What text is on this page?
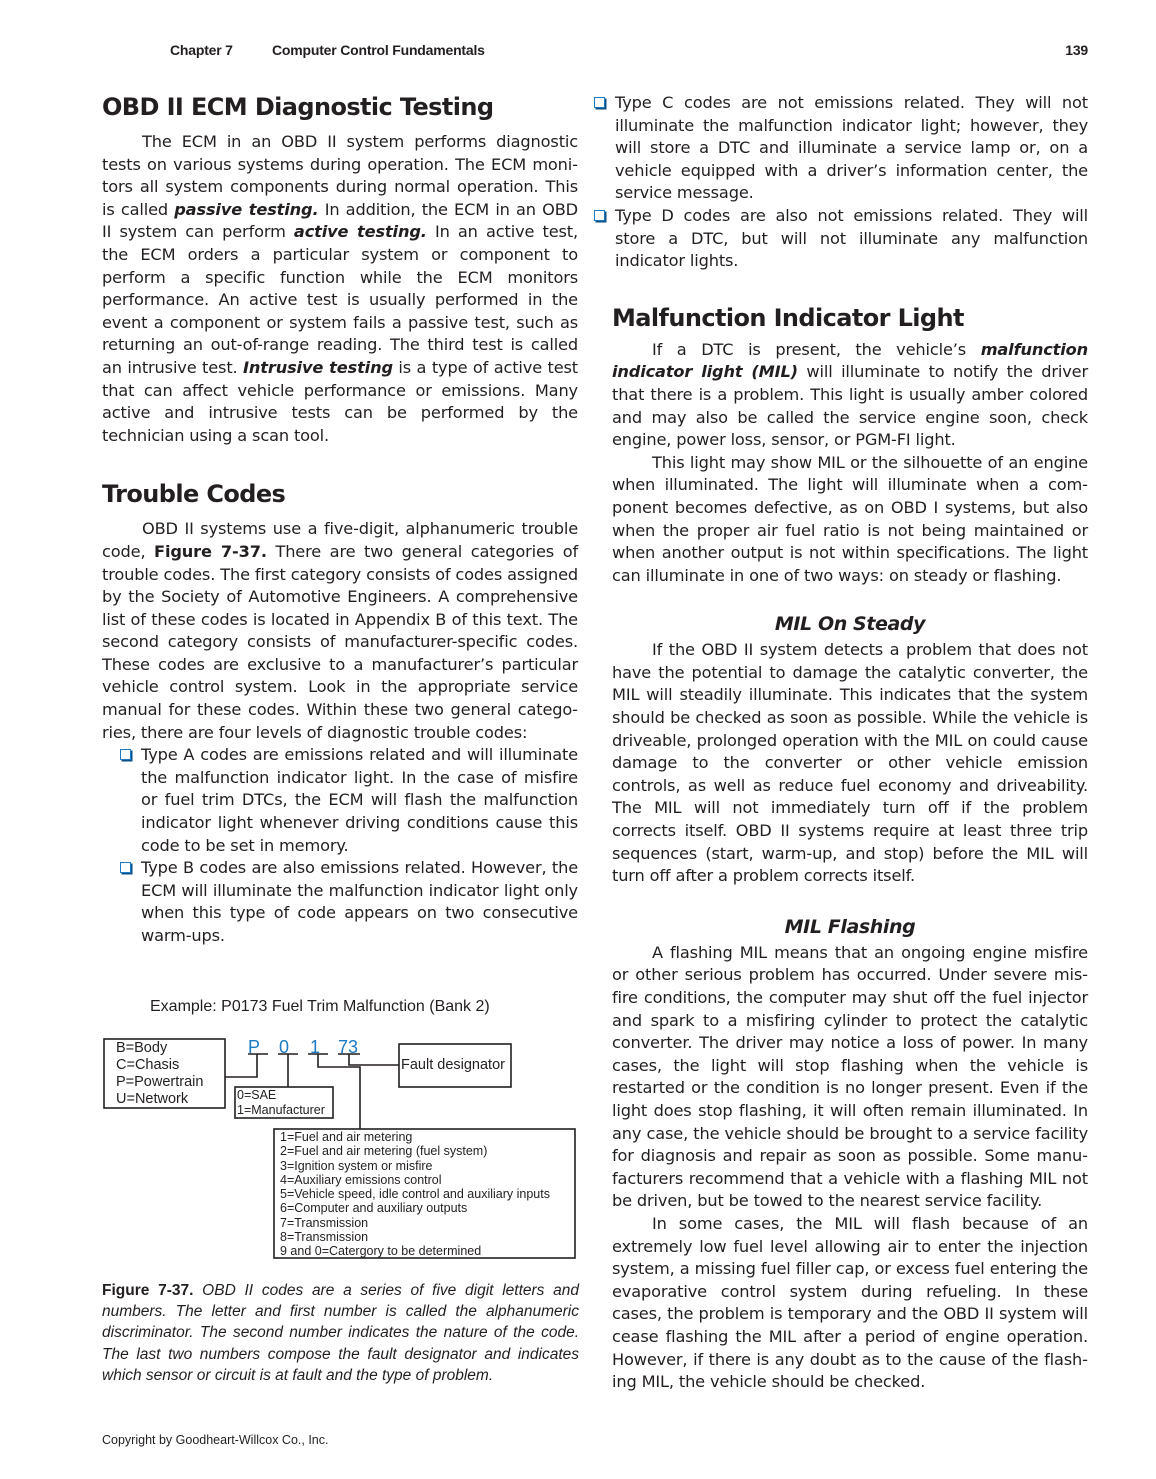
Chapter 7	Computer Control Fundamentals	139
OBD II ECM Diagnostic Testing

The ECM in an OBD II system performs diagnostic tests on various systems during operation. The ECM monitors all system components during normal operation. This is called passive testing. In addition, the ECM in an OBD II system can perform active testing. In an active test, the ECM orders a particular system or component to perform a specific function while the ECM monitors performance. An active test is usually performed in the event a component or system fails a passive test, such as returning an out-of-range reading. The third test is called an intrusive test. Intrusive testing is a type of active test that can affect vehicle performance or emissions. Many active and intrusive tests can be performed by the technician using a scan tool.

Trouble Codes

OBD II systems use a five-digit, alphanumeric trouble code, Figure 7-37. There are two general categories of trouble codes. The first category consists of codes assigned by the Society of Automotive Engineers. A comprehensive list of these codes is located in Appendix B of this text. The second category consists of manufacturer-specific codes. These codes are exclusive to a manufacturer’s particular vehicle control system. Look in the appropriate service manual for these codes. Within these two general categories, there are four levels of diagnostic trouble codes:

Type A codes are emissions related and will illuminate the malfunction indicator light. In the case of misfire or fuel trim DTCs, the ECM will flash the malfunction indicator light whenever driving conditions cause this code to be set in memory.
Type B codes are also emissions related. However, the ECM will illuminate the malfunction indicator light only when this type of code appears on two consecutive warm-ups.
Example: P0173 Fuel Trim Malfunction (Bank 2)
P 0 1 73
B=Body
C=Chasis
P=Powertrain
U=Network
Fault designator
0=SAE
1=Manufacturer
1=Fuel and air metering
2=Fuel and air metering (fuel system)
3=Ignition system or misfire
4=Auxiliary emissions control
5=Vehicle speed, idle control and auxiliary inputs
6=Computer and auxiliary outputs
7=Transmission
8=Transmission
9 and 0=Catergory to be determined
Figure 7-37. OBD II codes are a series of five digit letters and numbers. The letter and first number is called the alphanumeric discriminator. The second number indicates the nature of the code. The last two numbers compose the fault designator and indicates which sensor or circuit is at fault and the type of problem.
Type C codes are not emissions related. They will not illuminate the malfunction indicator light; however, they will store a DTC and illuminate a service lamp or, on a vehicle equipped with a driver’s information center, the service message.
Type D codes are also not emissions related. They will store a DTC, but will not illuminate any malfunction indicator lights.
Malfunction Indicator Light

If a DTC is present, the vehicle’s malfunction indicator light (MIL) will illuminate to notify the driver that there is a problem. This light is usually amber colored and may also be called the service engine soon, check engine, power loss, sensor, or PGM-FI light.

This light may show MIL or the silhouette of an engine when illuminated. The light will illuminate when a component becomes defective, as on OBD I systems, but also when the proper air fuel ratio is not being maintained or when another output is not within specifications. The light can illuminate in one of two ways: on steady or flashing.

MIL On Steady

If the OBD II system detects a problem that does not have the potential to damage the catalytic converter, the MIL will steadily illuminate. This indicates that the system should be checked as soon as possible. While the vehicle is driveable, prolonged operation with the MIL on could cause damage to the converter or other vehicle emission controls, as well as reduce fuel economy and driveability. The MIL will not immediately turn off if the problem corrects itself. OBD II systems require at least three trip sequences (start, warm-up, and stop) before the MIL will turn off after a problem corrects itself.

MIL Flashing

A flashing MIL means that an ongoing engine misfire or other serious problem has occurred. Under severe misfire conditions, the computer may shut off the fuel injector and spark to a misfiring cylinder to protect the catalytic converter. The driver may notice a loss of power. In many cases, the light will stop flashing when the vehicle is restarted or the condition is no longer present. Even if the light does stop flashing, it will often remain illuminated. In any case, the vehicle should be brought to a service facility for diagnosis and repair as soon as possible. Some manufacturers recommend that a vehicle with a flashing MIL not be driven, but be towed to the nearest service facility.

In some cases, the MIL will flash because of an extremely low fuel level allowing air to enter the injection system, a missing fuel filler cap, or excess fuel entering the evaporative control system during refueling. In these cases, the problem is temporary and the OBD II system will cease flashing the MIL after a period of engine operation. However, if there is any doubt as to the cause of the flashing MIL, the vehicle should be checked.

Copyright by Goodheart-Willcox Co., Inc.
